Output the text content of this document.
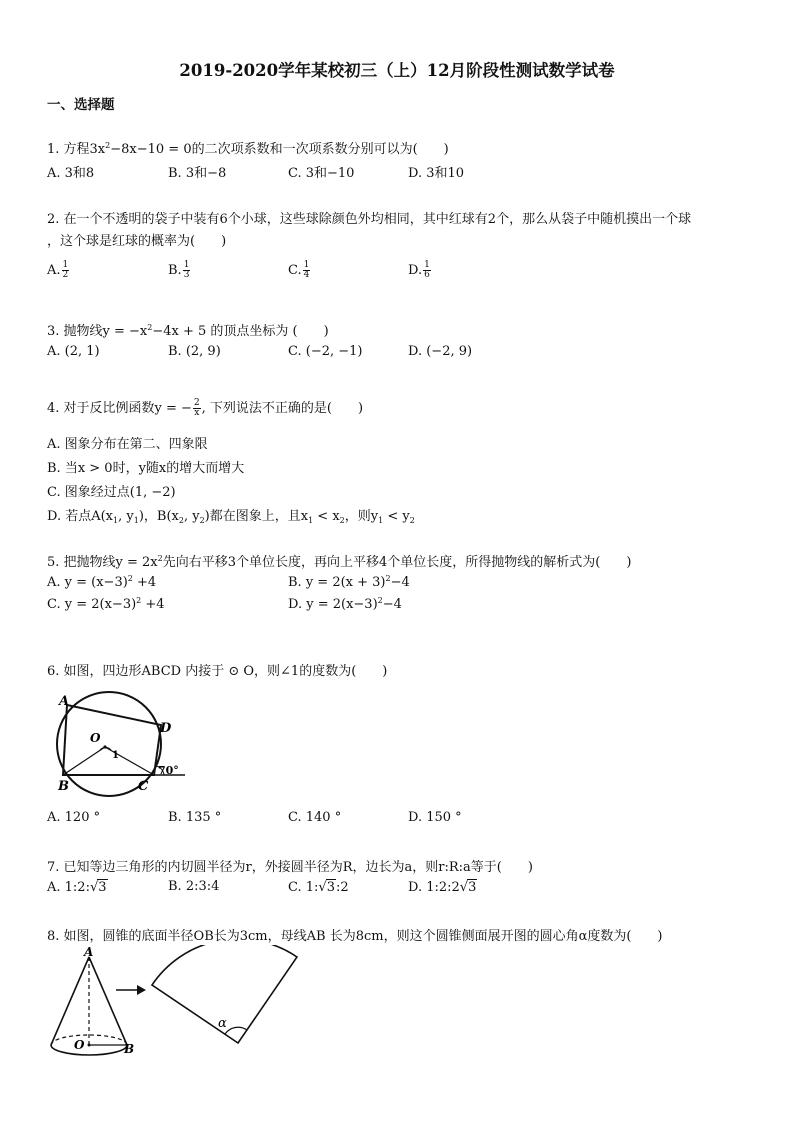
2019-2020学年某校初三（上）12月阶段性测试数学试卷
一、选择题
1. 方程$3x^2-8x-10 = 0$的二次项系数和一次项系数分别可以为(　　)
A. 3和8	B. 3和−8	C. 3和−10	D. 3和10
2. 在一个不透明的袋子中装有6个小球，这些球除颜色外均相同，其中红球有2个，那么从袋子中随机摸出一个球
，这个球是红球的概率为(　　)
A. $\frac{1}{2}$	B. $\frac{1}{3}$	C. $\frac{1}{4}$	D. $\frac{1}{6}$
3. 抛物线$y = -x^2-4x + 5$ 的顶点坐标为 (　　)
A. (2, 1)	B. (2, 9)	C. (−2, −1)	D. (−2, 9)
4. 对于反比例函数y = − $\frac{2}{x}$ , 下列说法不正确的是(　　)
A. 图象分布在第二、四象限
B. 当x > 0时，y随x的增大而增大
C. 图象经过点(1, −2)
D. 若点$A(x_1$, $y_1$)，$B(x_2$, $y_2$)都在图象上，且$x_1 < x_2$，则$y_1 < y_2$
5. 把抛物线$y = 2x^2$先向右平移3个单位长度，再向上平移4个单位长度，所得抛物线的解析式为(　　)
A. $y = (x-3)^2 +4$	B. $y = 2(x + 3)^2-4$
C. $y = 2(x-3)^2 +4$	D. $y = 2(x-3)^2-4$
6. 如图，四边形ABCD 内接于 ⊙ O，则∠1的度数为(　　)
A
D
B	C
O
1
70°
A. 120 °	B. 135 °	C. 140 °	D. 150 °
7. 已知等边三角形的内切圆半径为r，外接圆半径为R，边长为a，则r:R:a等于(　　)
A. 1:2:√3	B. 2:3:4	C. 1:√3:2	D. 1:2:2√3
8. 如图，圆锥的底面半径OB长为3cm，母线AB 长为8cm，则这个圆锥侧面展开图的圆心角α度数为(　　)
A
O	B
α
